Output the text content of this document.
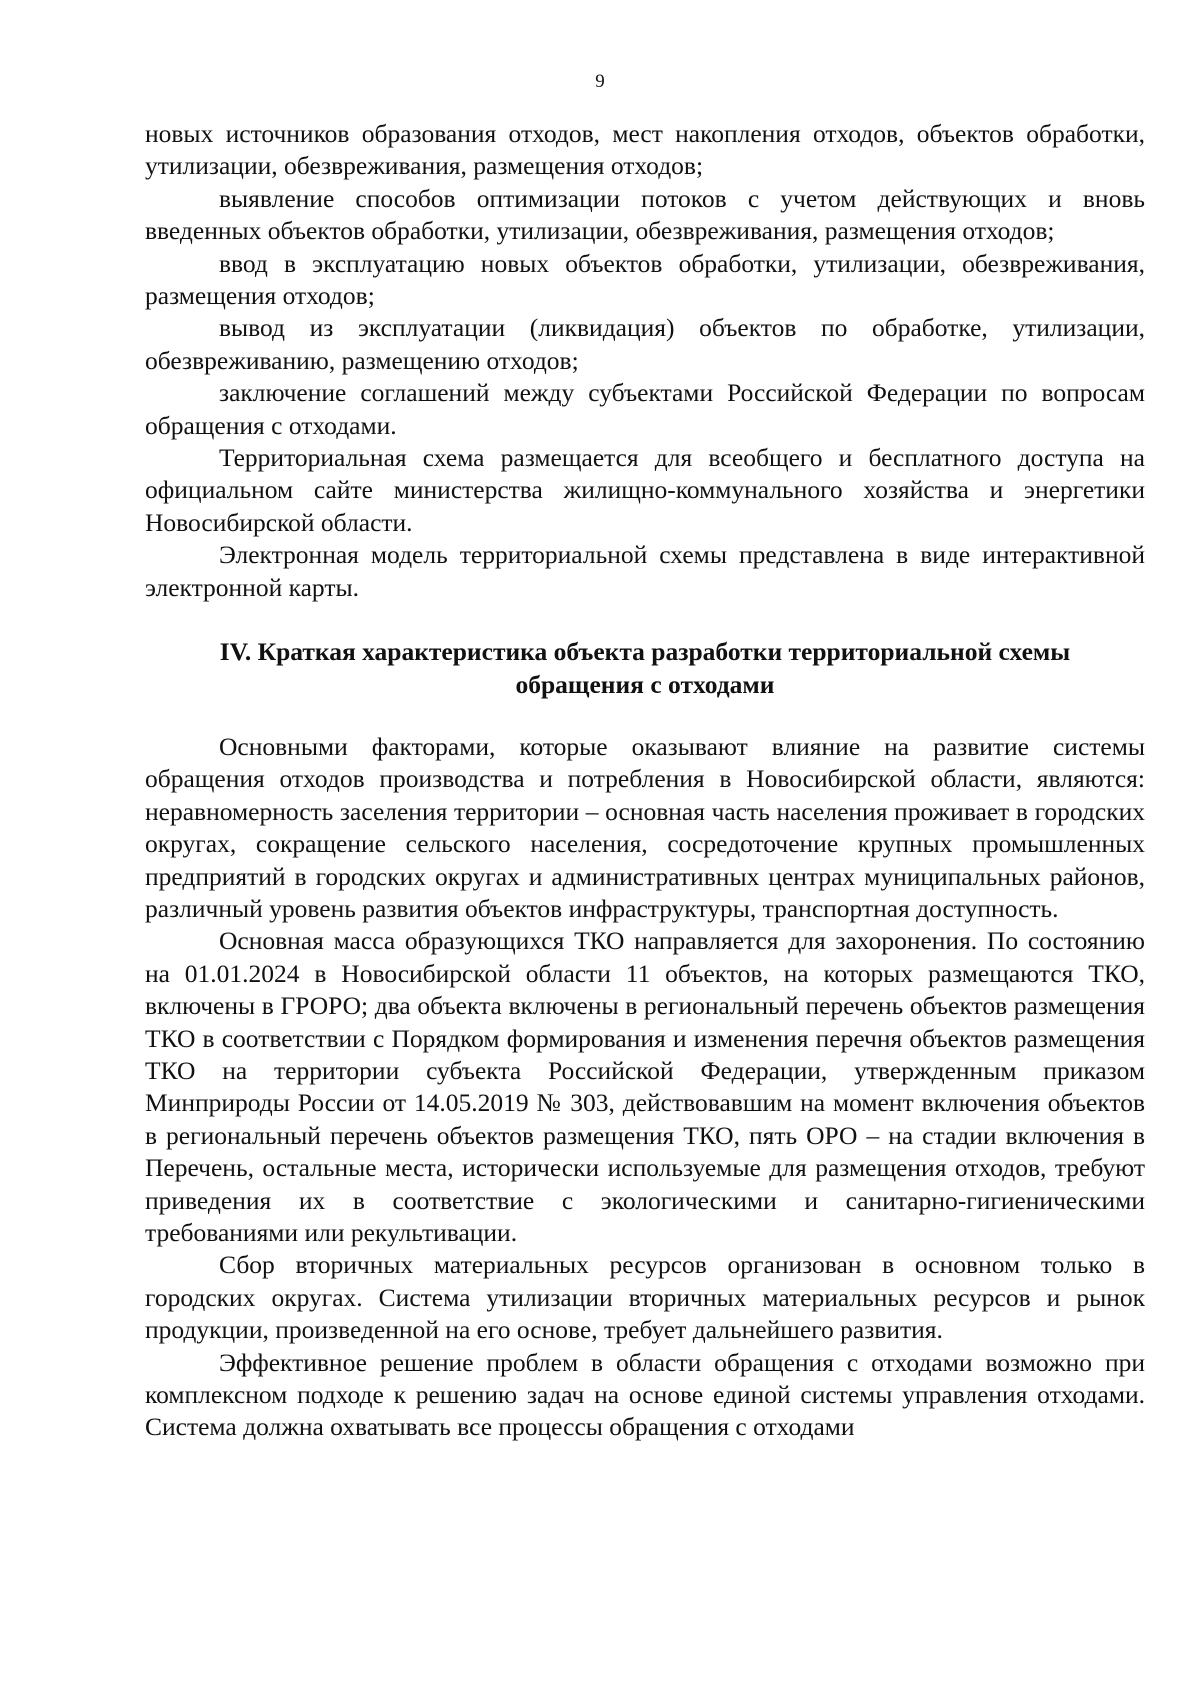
9

новых источников образования отходов, мест накопления отходов, объектов обработки, утилизации, обезвреживания, размещения отходов;

выявление способов оптимизации потоков с учетом действующих и вновь введенных объектов обработки, утилизации, обезвреживания, размещения отходов;

ввод в эксплуатацию новых объектов обработки, утилизации, обезвреживания, размещения отходов;

вывод из эксплуатации (ликвидация) объектов по обработке, утилизации, обезвреживанию, размещению отходов;

заключение соглашений между субъектами Российской Федерации по вопросам обращения с отходами.

Территориальная схема размещается для всеобщего и бесплатного доступа на официальном сайте министерства жилищно-коммунального хозяйства и энергетики Новосибирской области.

Электронная модель территориальной схемы представлена в виде интерактивной электронной карты.

IV. Краткая характеристика объекта разработки территориальной схемы
обращения с отходами

Основными факторами, которые оказывают влияние на развитие системы обращения отходов производства и потребления в Новосибирской области, являются: неравномерность заселения территории – основная часть населения проживает в городских округах, сокращение сельского населения, сосредоточение крупных промышленных предприятий в городских округах и административных центрах муниципальных районов, различный уровень развития объектов инфраструктуры, транспортная доступность.

Основная масса образующихся ТКО направляется для захоронения. По состоянию на 01.01.2024 в Новосибирской области 11 объектов, на которых размещаются ТКО, включены в ГРОРО; два объекта включены в региональный перечень объектов размещения ТКО в соответствии с Порядком формирования и изменения перечня объектов размещения ТКО на территории субъекта Российской Федерации, утвержденным приказом Минприроды России от 14.05.2019 № 303, действовавшим на момент включения объектов в региональный перечень объектов размещения ТКО, пять ОРО – на стадии включения в Перечень, остальные места, исторически используемые для размещения отходов, требуют приведения их в соответствие с экологическими и санитарно-гигиеническими требованиями или рекультивации.

Сбор вторичных материальных ресурсов организован в основном только в городских округах. Система утилизации вторичных материальных ресурсов и рынок продукции, произведенной на его основе, требует дальнейшего развития.

Эффективное решение проблем в области обращения с отходами возможно при комплексном подходе к решению задач на основе единой системы управления отходами. Система должна охватывать все процессы обращения с отходами
